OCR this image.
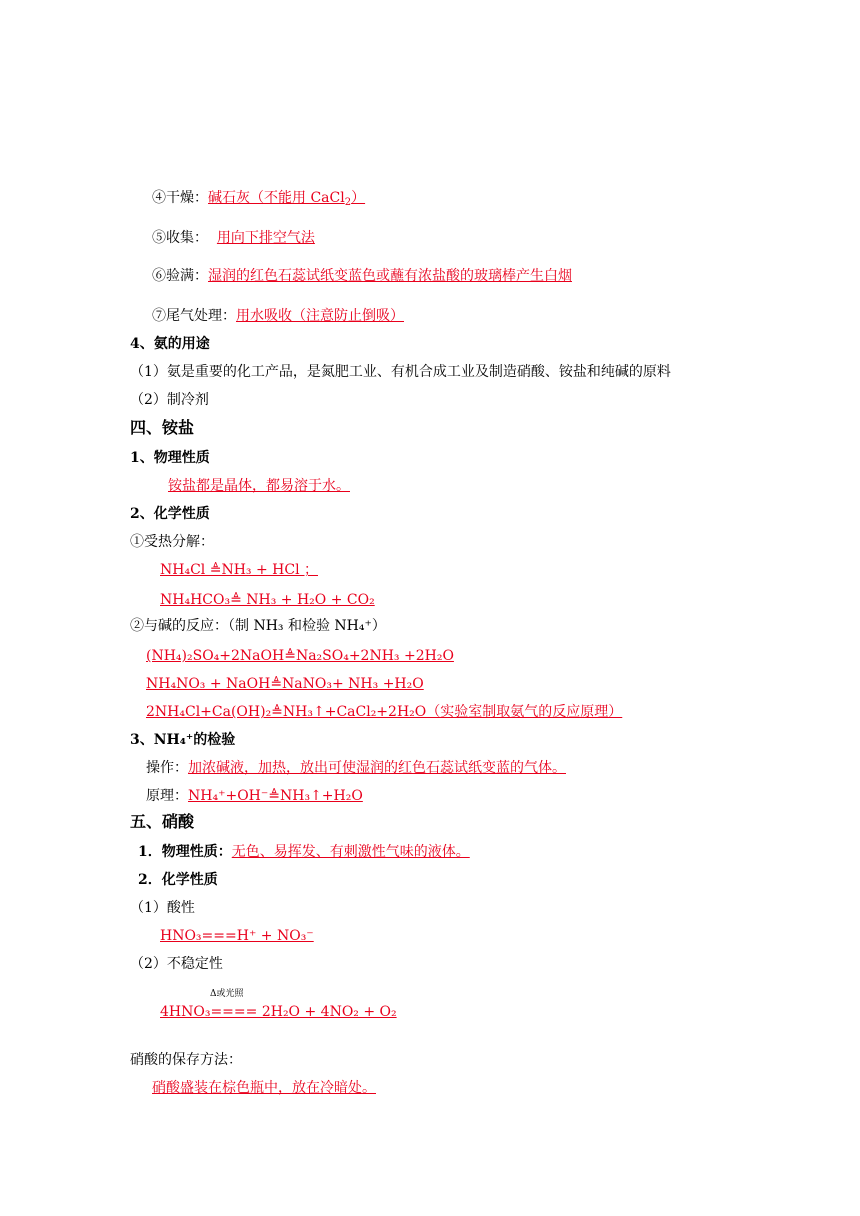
④干燥：碱石灰（不能用 CaCl$_2$）
⑤收集： 用向下排空气法
⑥验满：湿润的红色石蕊试纸变蓝色或蘸有浓盐酸的玻璃棒产生白烟
⑦尾气处理：用水吸收（注意防止倒吸）
4、氨的用途
（1）氨是重要的化工产品，是氮肥工业、有机合成工业及制造硝酸、铵盐和纯碱的原料
（2）制冷剂
四、铵盐
1、物理性质
铵盐都是晶体，都易溶于水。
2、化学性质
①受热分解：
NH₄Cl ≜NH₃ + HCl ；
NH₄HCO₃≜ NH₃ + H₂O + CO₂
②与碱的反应：（制 NH₃ 和检验 NH₄⁺）
(NH₄)₂SO₄+2NaOH≜Na₂SO₄+2NH₃ +2H₂O
NH₄NO₃ + NaOH≜NaNO₃+ NH₃ +H₂O
2NH₄Cl+Ca(OH)₂≜NH₃↑+CaCl₂+2H₂O（实验室制取氨气的反应原理）
3、NH₄⁺的检验
操作：加浓碱液，加热，放出可使湿润的红色石蕊试纸变蓝的气体。
原理：NH₄⁺+OH⁻≜NH₃↑+H₂O
五、硝酸
1．物理性质：无色、易挥发、有刺激性气味的液体。
2．化学性质
（1）酸性
HNO₃===H⁺ + NO₃⁻
（2）不稳定性
Δ或光照
4HNO₃==== 2H₂O + 4NO₂ + O₂
硝酸的保存方法：
硝酸盛装在棕色瓶中，放在冷暗处。
